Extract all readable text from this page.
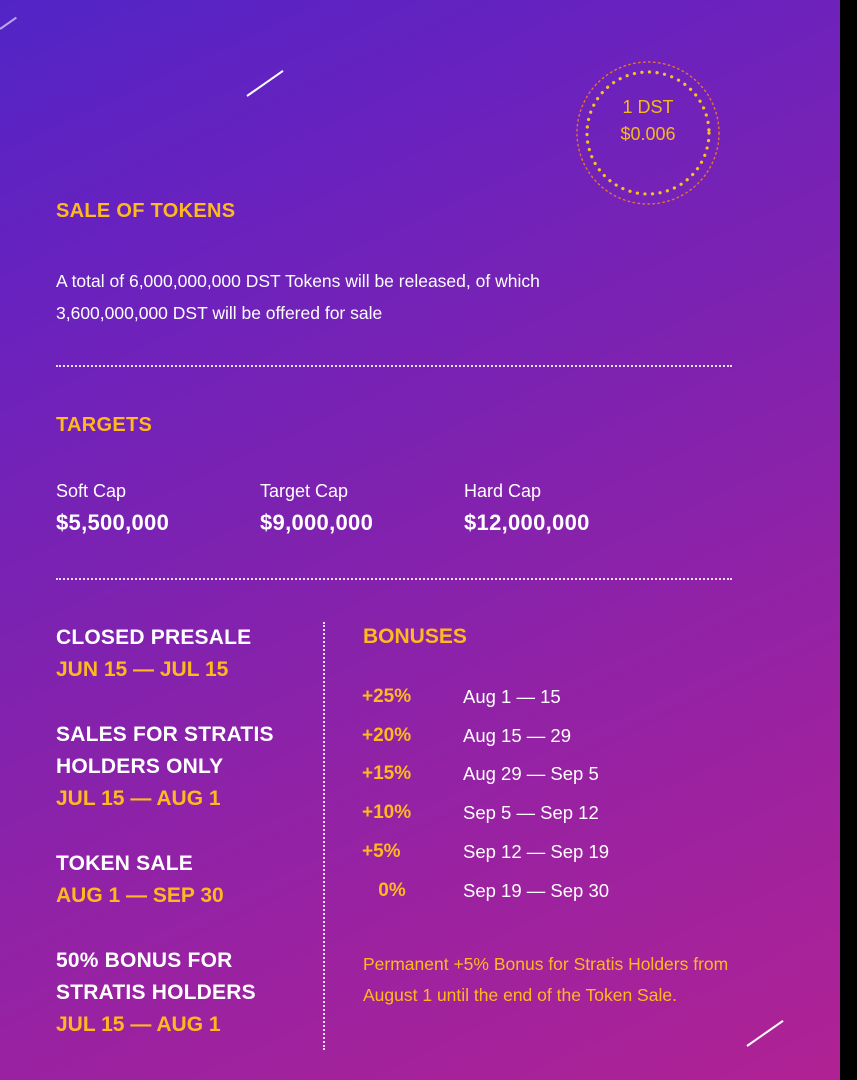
1 DST
$0.006
SALE OF TOKENS
A total of 6,000,000,000 DST Tokens will be released, of which 3,600,000,000 DST will be offered for sale
TARGETS
Soft Cap
$5,500,000
Target Cap
$9,000,000
Hard Cap
$12,000,000
CLOSED PRESALE
JUN 15 — JUL 15
SALES FOR STRATIS
HOLDERS ONLY
JUL 15 — AUG 1
TOKEN SALE
AUG 1 — SEP 30
50% BONUS FOR
STRATIS HOLDERS
JUL 15 — AUG 1
BONUSES
+25%	Aug 1 — 15
+20%	Aug 15 — 29
+15%	Aug 29 — Sep 5
+10%	Sep 5 — Sep 12
+5%	Sep 12 — Sep 19
0%	Sep 19 — Sep 30
Permanent +5% Bonus for Stratis Holders from August 1 until the end of the Token Sale.
